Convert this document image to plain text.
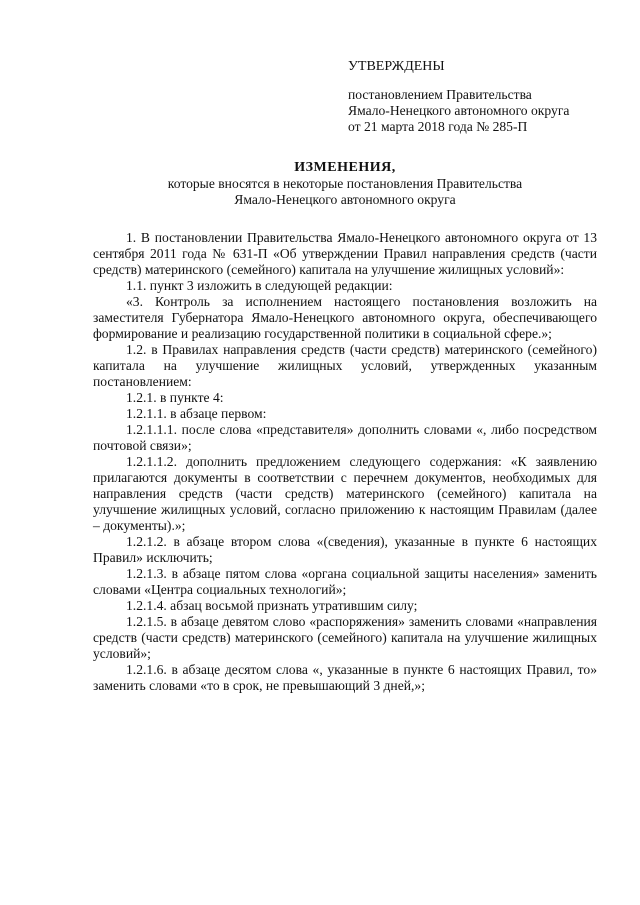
УТВЕРЖДЕНЫ

постановлением Правительства

Ямало-Ненецкого автономного округа

от 21 марта 2018 года № 285-П

ИЗМЕНЕНИЯ,
которые вносятся в некоторые постановления Правительства
Ямало-Ненецкого автономного округа

1. В постановлении Правительства Ямало-Ненецкого автономного округа от 13 сентября 2011 года № 631-П «Об утверждении Правил направления средств (части средств) материнского (семейного) капитала на улучшение жилищных условий»:

1.1. пункт 3 изложить в следующей редакции:

«3. Контроль за исполнением настоящего постановления возложить на заместителя Губернатора Ямало-Ненецкого автономного округа, обеспечивающего формирование и реализацию государственной политики в социальной сфере.»;

1.2. в Правилах направления средств (части средств) материнского (семейного) капитала на улучшение жилищных условий, утвержденных указанным постановлением:

1.2.1. в пункте 4:

1.2.1.1. в абзаце первом:

1.2.1.1.1. после слова «представителя» дополнить словами «, либо посредством почтовой связи»;

1.2.1.1.2. дополнить предложением следующего содержания: «К заявлению прилагаются документы в соответствии с перечнем документов, необходимых для направления средств (части средств) материнского (семейного) капитала на улучшение жилищных условий, согласно приложению к настоящим Правилам (далее – документы).»;

1.2.1.2. в абзаце втором слова «(сведения), указанные в пункте 6 настоящих Правил» исключить;

1.2.1.3. в абзаце пятом слова «органа социальной защиты населения» заменить словами «Центра социальных технологий»;

1.2.1.4. абзац восьмой признать утратившим силу;

1.2.1.5. в абзаце девятом слово «распоряжения» заменить словами «направления средств (части средств) материнского (семейного) капитала на улучшение жилищных условий»;

1.2.1.6. в абзаце десятом слова «, указанные в пункте 6 настоящих Правил, то» заменить словами «то в срок, не превышающий 3 дней,»;
